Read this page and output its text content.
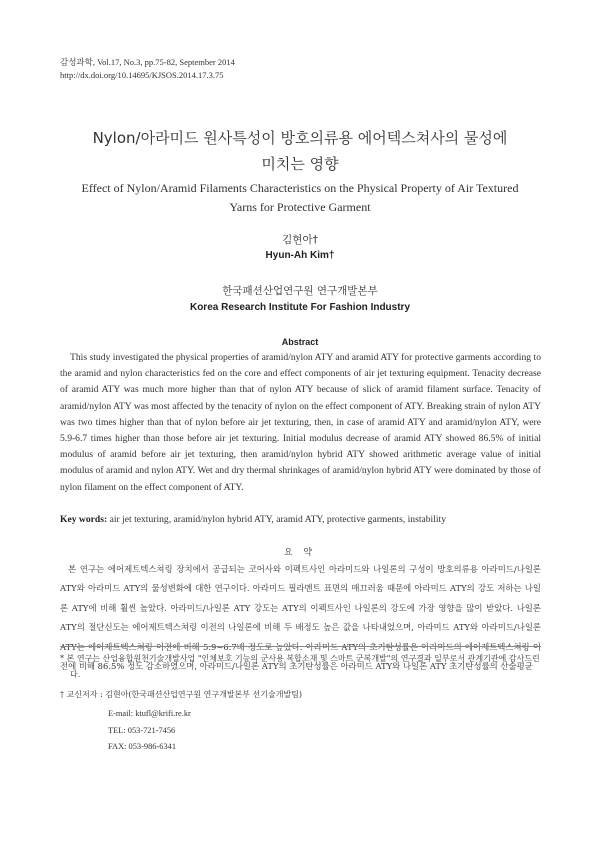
감성과학, Vol.17, No.3, pp.75-82, September 2014
http://dx.doi.org/10.14695/KJSOS.2014.17.3.75
Nylon/아라미드 원사특성이 방호의류용 에어텍스쳐사의 물성에
미치는 영향
Effect of Nylon/Aramid Filaments Characteristics on the Physical Property of Air Textured Yarns for Protective Garment
김현아†
Hyun-Ah Kim†
한국패션산업연구원 연구개발본부
Korea Research Institute For Fashion Industry
Abstract
This study investigated the physical properties of aramid/nylon ATY and aramid ATY for protective garments according to the aramid and nylon characteristics fed on the core and effect components of air jet texturing equipment. Tenacity decrease of aramid ATY was much more higher than that of nylon ATY because of slick of aramid filament surface. Tenacity of aramid/nylon ATY was most affected by the tenacity of nylon on the effect component of ATY. Breaking strain of nylon ATY was two times higher than that of nylon before air jet texturing, then, in case of aramid ATY and aramid/nylon ATY, were 5.9-6.7 times higher than those before air jet texturing. Initial modulus decrease of aramid ATY showed 86.5% of initial modulus of aramid before air jet texturing, then aramid/nylon hybrid ATY showed arithmetic average value of initial modulus of aramid and nylon ATY. Wet and dry thermal shrinkages of aramid/nylon hybrid ATY were dominated by those of nylon filament on the effect component of ATY.
Key words: air jet texturing, aramid/nylon hybrid ATY, aramid ATY, protective garments, instability
요 약
본 연구는 에어제트텍스쳐링 장치에서 공급되는 코어사와 이펙트사인 아라미드와 나일론의 구성이 방호의류용 아라미드/나일론 ATY와 아라미드 ATY의 물성변화에 대한 연구이다. 아라미드 필라멘트 표면의 매끄러움 때문에 아라미드 ATY의 강도 저하는 나일론 ATY에 비해 훨씬 높았다. 아라미드/나일론 ATY 강도는 ATY의 이펙트사인 나일론의 강도에 가장 영향을 많이 받았다. 나일론 ATY의 절단신도는 에어제트텍스쳐링 이전의 나일론에 비해 두 배정도 높은 값을 나타내었으며, 아라미드 ATY와 아라미드/나일론 ATY는 에어제트텍스쳐링 이전에 비해 5.9~6.7배 정도로 높았다. 아라미드 ATY의 초기탄성률은 아라미드의 에어제트텍스쳐링 이전에 비해 86.5% 정도 감소하였으며, 아라미드/나일론 ATY의 초기탄성률은 아라미드 ATY와 나일론 ATY 초기탄성률의 산술평균
* 본 연구는 산업융합원천기술개발사업 "인체보호 기능의 군사용 복합소재 및 스마트 군복개발"의 연구결과 일부로서 관계기관에 감사드린다.
† 교신저자 : 김현아(한국패션산업연구원 연구개발본부 선기술개발팀)
E-mail: ktufl@krifi.re.kr
TEL: 053-721-7456
FAX: 053-986-6341
